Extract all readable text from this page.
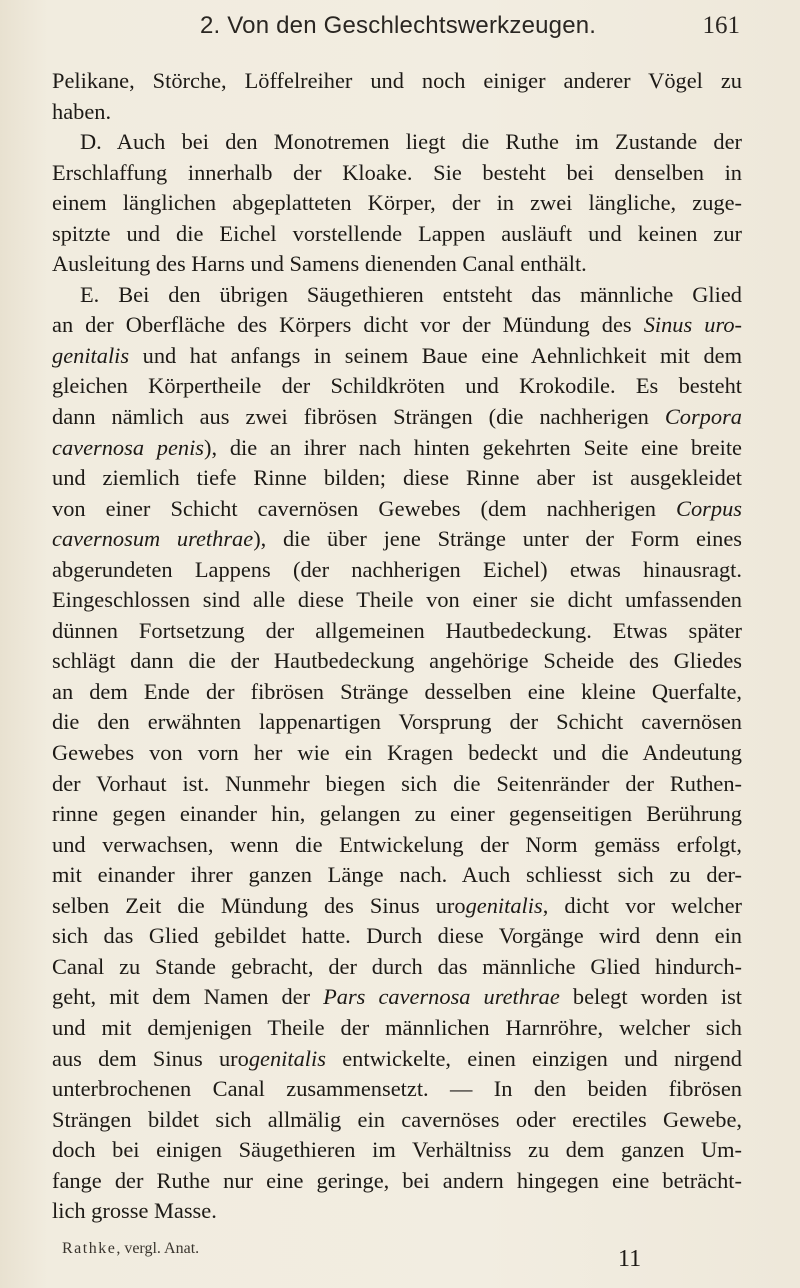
2. Von den Geschlechtswerkzeugen.	161
Pelikane, Störche, Löffelreiher und noch einiger anderer Vögel zu
haben.
D. Auch bei den Monotremen liegt die Ruthe im Zustande der
Erschlaffung innerhalb der Kloake. Sie besteht bei denselben in
einem länglichen abgeplatteten Körper, der in zwei längliche, zuge-
spitzte und die Eichel vorstellende Lappen ausläuft und keinen zur
Ausleitung des Harns und Samens dienenden Canal enthält.
E. Bei den übrigen Säugethieren entsteht das männliche Glied
an der Oberfläche des Körpers dicht vor der Mündung des Sinus uro-
genitalis und hat anfangs in seinem Baue eine Aehnlichkeit mit dem
gleichen Körpertheile der Schildkröten und Krokodile. Es besteht
dann nämlich aus zwei fibrösen Strängen (die nachherigen Corpora
cavernosa penis), die an ihrer nach hinten gekehrten Seite eine breite
und ziemlich tiefe Rinne bilden; diese Rinne aber ist ausgekleidet
von einer Schicht cavernösen Gewebes (dem nachherigen Corpus
cavernosum urethrae), die über jene Stränge unter der Form eines
abgerundeten Lappens (der nachherigen Eichel) etwas hinausragt.
Eingeschlossen sind alle diese Theile von einer sie dicht umfassenden
dünnen Fortsetzung der allgemeinen Hautbedeckung. Etwas später
schlägt dann die der Hautbedeckung angehörige Scheide des Gliedes
an dem Ende der fibrösen Stränge desselben eine kleine Querfalte,
die den erwähnten lappenartigen Vorsprung der Schicht cavernösen
Gewebes von vorn her wie ein Kragen bedeckt und die Andeutung
der Vorhaut ist. Nunmehr biegen sich die Seitenränder der Ruthen-
rinne gegen einander hin, gelangen zu einer gegenseitigen Berührung
und verwachsen, wenn die Entwickelung der Norm gemäss erfolgt,
mit einander ihrer ganzen Länge nach. Auch schliesst sich zu der-
selben Zeit die Mündung des Sinus urogenitalis, dicht vor welcher
sich das Glied gebildet hatte. Durch diese Vorgänge wird denn ein
Canal zu Stande gebracht, der durch das männliche Glied hindurch-
geht, mit dem Namen der Pars cavernosa urethrae belegt worden ist
und mit demjenigen Theile der männlichen Harnröhre, welcher sich
aus dem Sinus urogenitalis entwickelte, einen einzigen und nirgend
unterbrochenen Canal zusammensetzt. — In den beiden fibrösen
Strängen bildet sich allmälig ein cavernöses oder erectiles Gewebe,
doch bei einigen Säugethieren im Verhältniss zu dem ganzen Um-
fange der Ruthe nur eine geringe, bei andern hingegen eine beträcht-
lich grosse Masse.
Rathke, vergl. Anat.	11
